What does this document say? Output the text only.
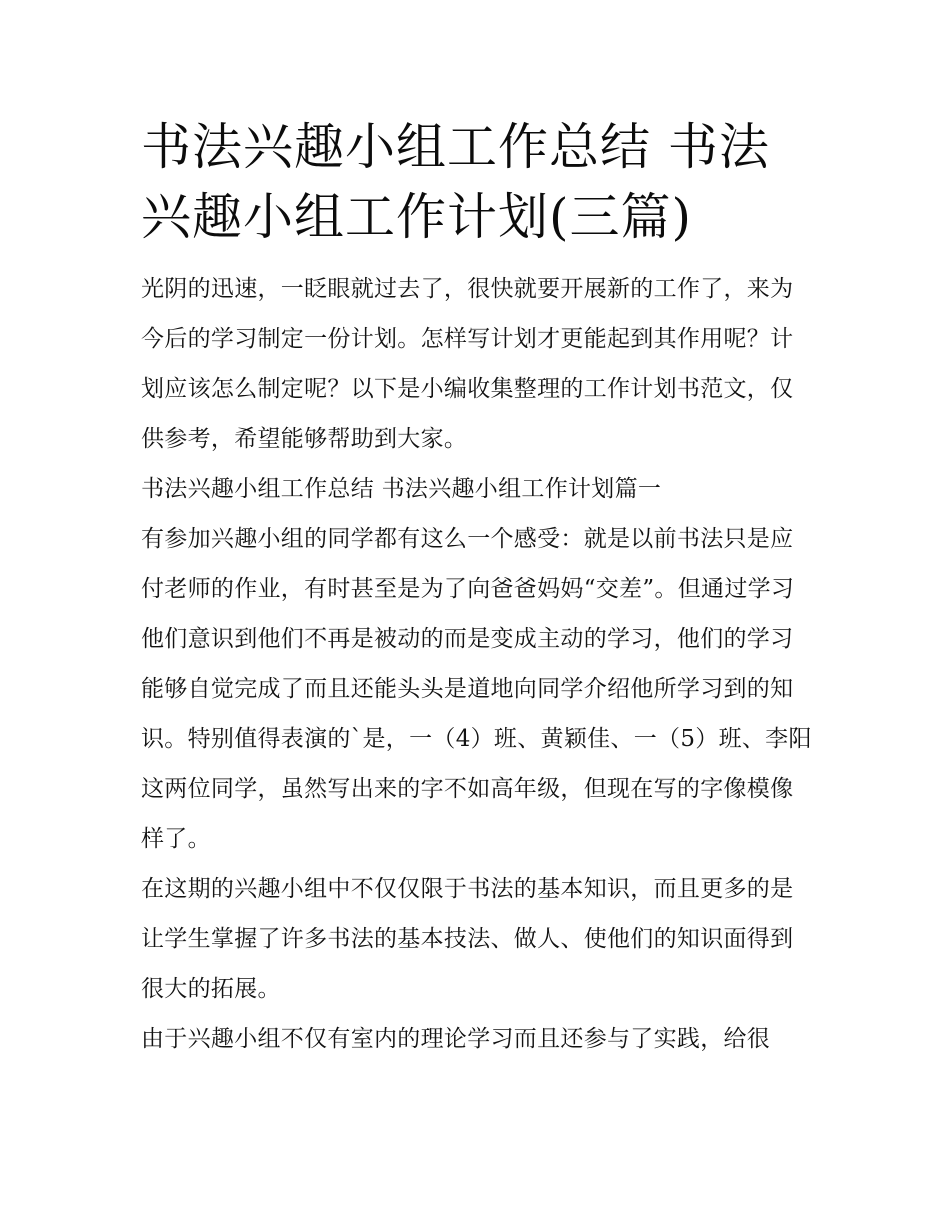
书法兴趣小组工作总结 书法兴趣小组工作计划(三篇)

光阴的迅速，一眨眼就过去了，很快就要开展新的工作了，来为今后的学习制定一份计划。怎样写计划才更能起到其作用呢？计划应该怎么制定呢？以下是小编收集整理的工作计划书范文，仅供参考，希望能够帮助到大家。

书法兴趣小组工作总结 书法兴趣小组工作计划篇一

有参加兴趣小组的同学都有这么一个感受：就是以前书法只是应付老师的作业，有时甚至是为了向爸爸妈妈“交差”。但通过学习他们意识到他们不再是被动的而是变成主动的学习，他们的学习能够自觉完成了而且还能头头是道地向同学介绍他所学习到的知识。特别值得表演的`是，一（4）班、黄颖佳、一（5）班、李阳这两位同学，虽然写出来的字不如高年级，但现在写的字像模像样了。

在这期的兴趣小组中不仅仅限于书法的基本知识，而且更多的是让学生掌握了许多书法的基本技法、做人、使他们的知识面得到很大的拓展。

由于兴趣小组不仅有室内的理论学习而且还参与了实践，给很
